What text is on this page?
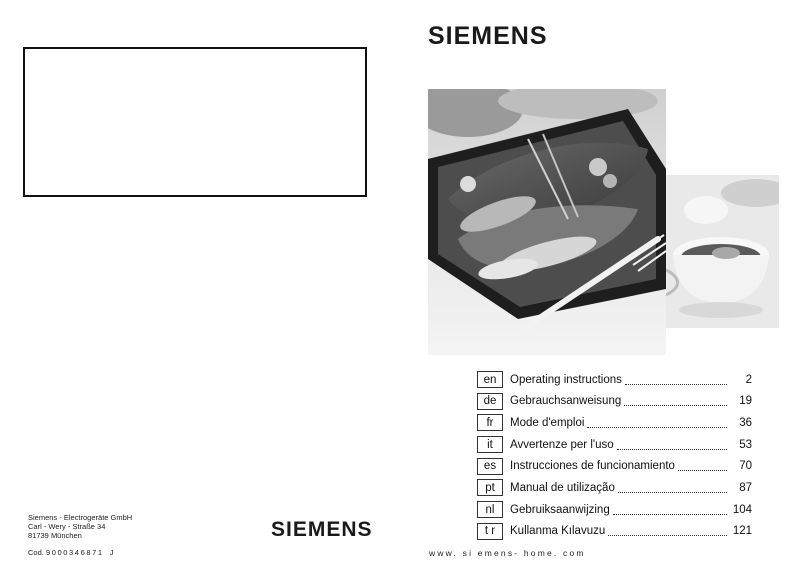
SIEMENS
en	Operating instructions	2
de	Gebrauchsanweisung	19
fr	Mode d'emploi	36
it	Avvertenze per l'uso	53
es	Instrucciones de funcionamiento	70
pt	Manual de utilização	87
nl	Gebruiksaanwijzing	104
t r	Kullanma Kılavuzu	121
Siemens - Electrogeräte GmbH
Carl - Wery - Straße 34
81739 München
Cod. 9000346871 J
SIEMENS
www. si emens- home. com
